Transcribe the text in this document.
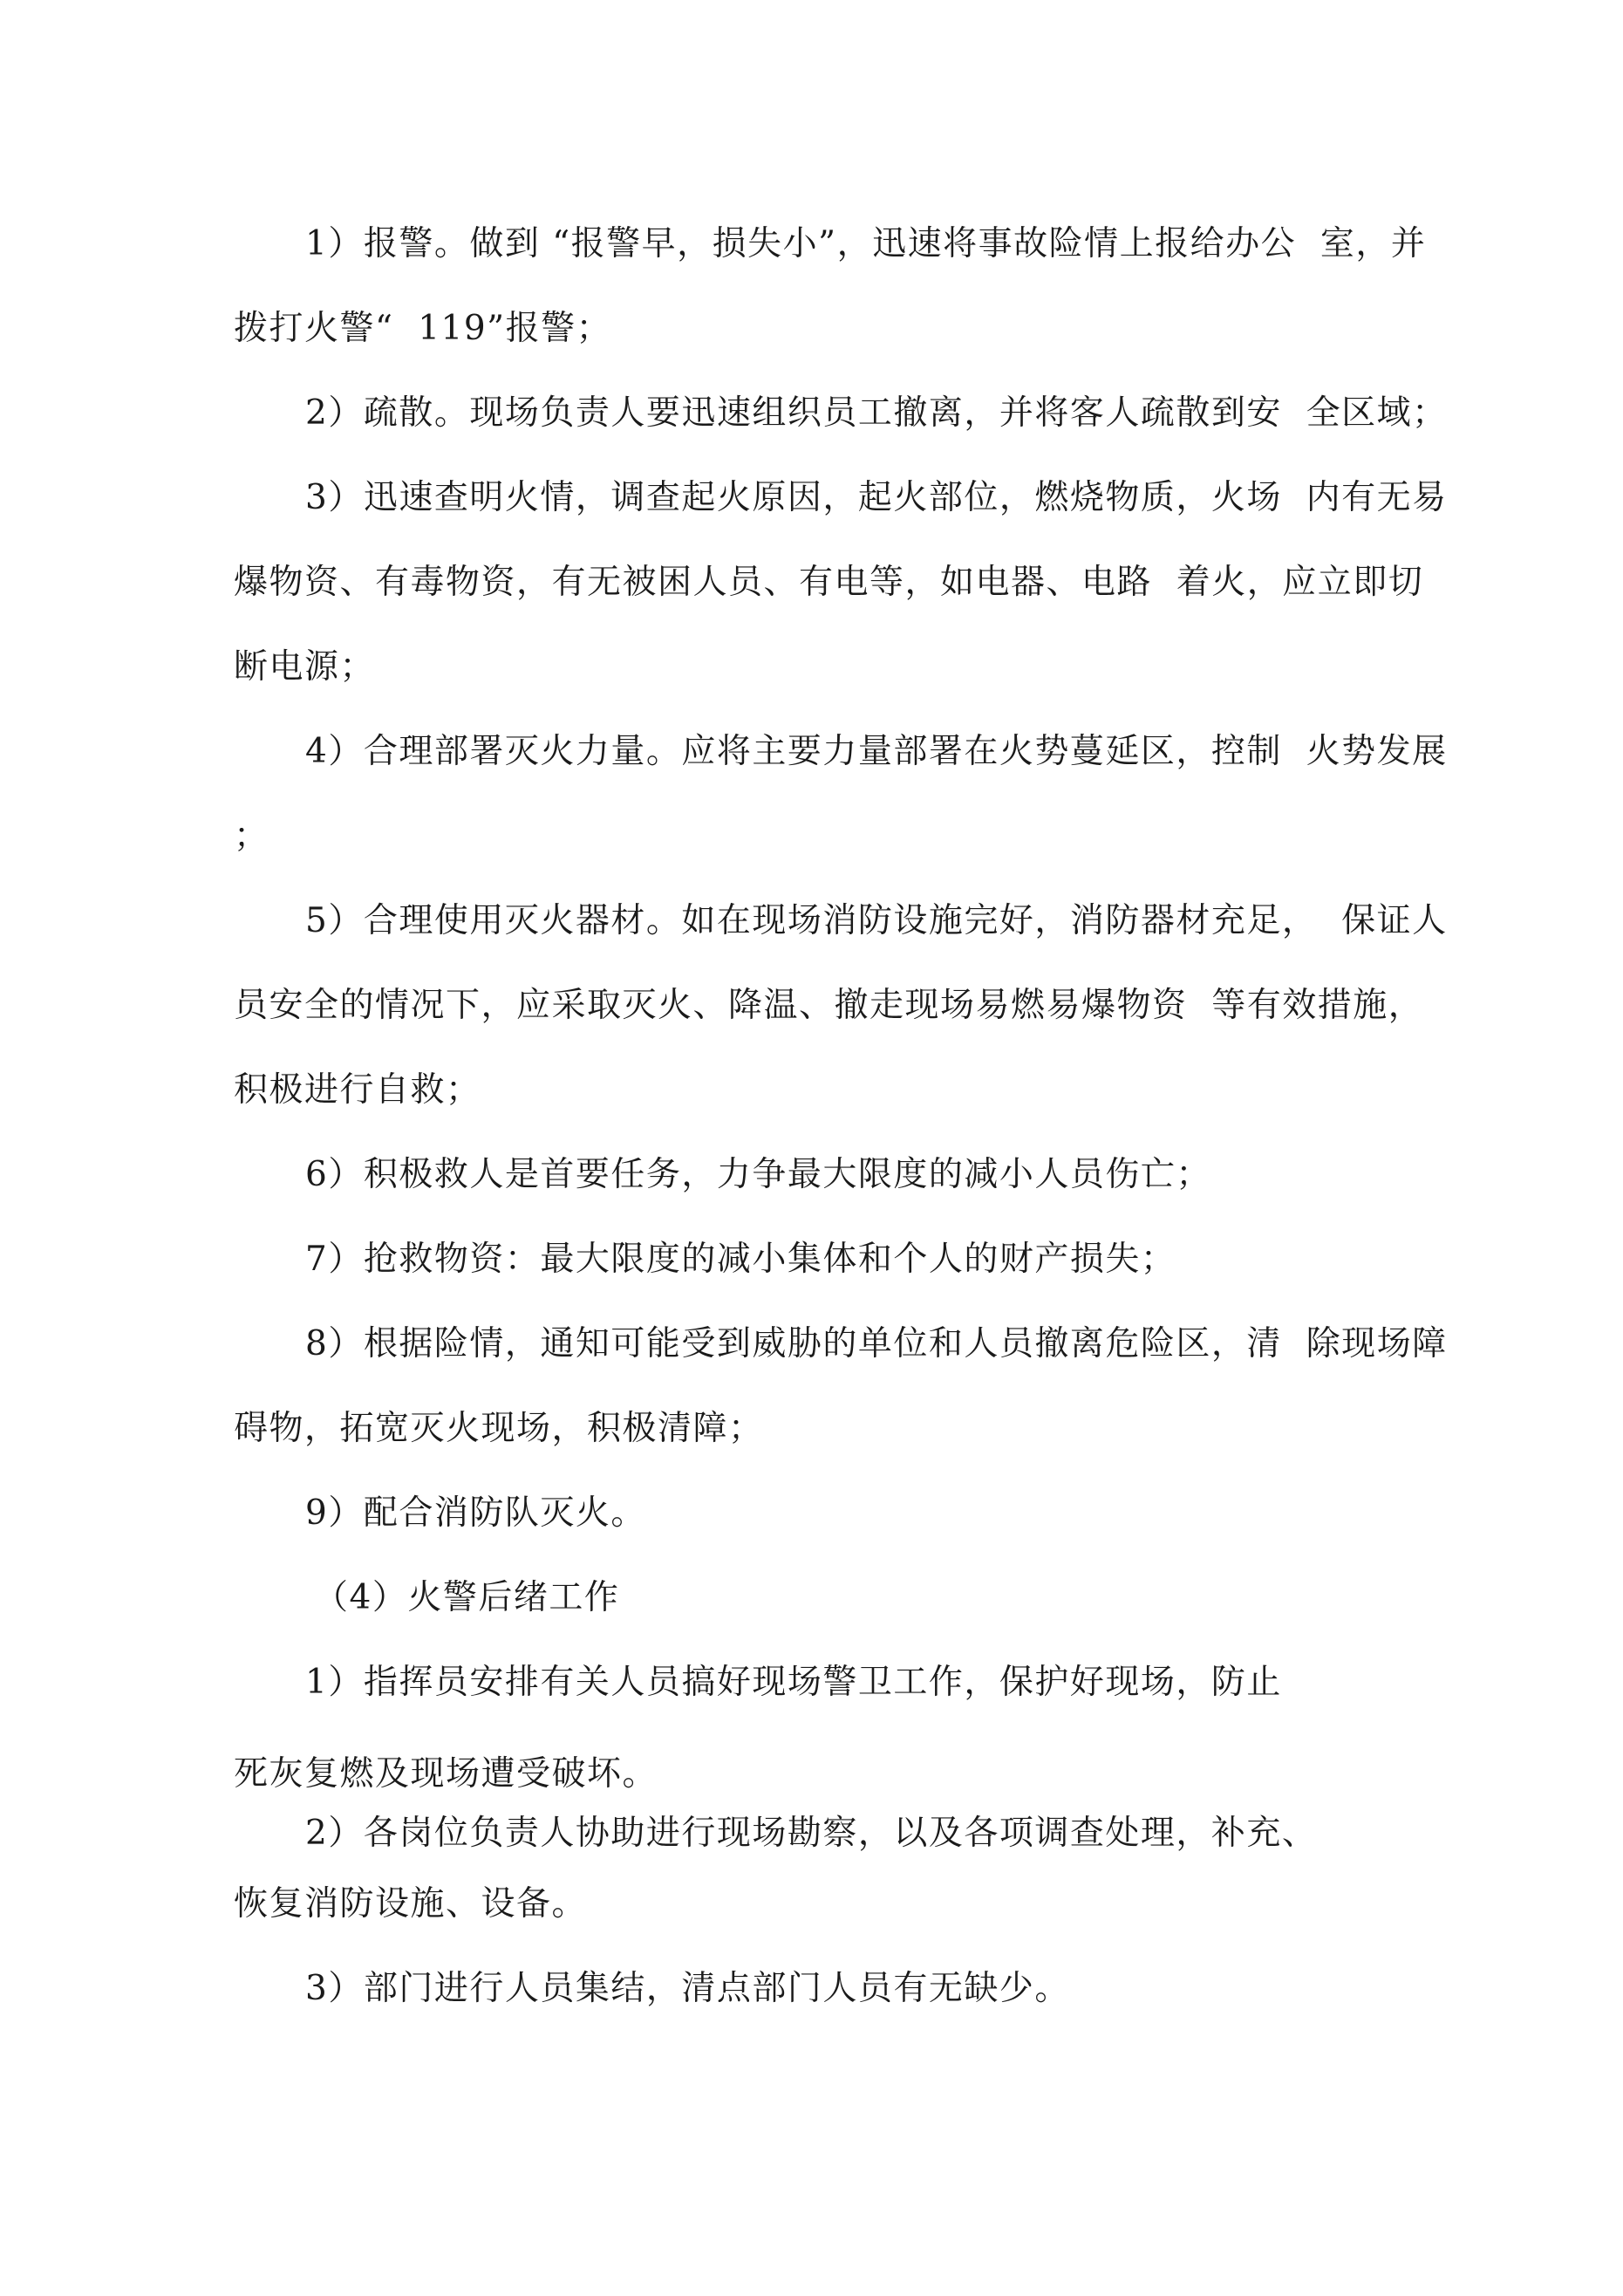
1）报警。做到 “报警早，损失小”，迅速将事故险情上报给办公  室，并
拨打火警“  119”报警；
2）疏散。现场负责人要迅速组织员工撤离，并将客人疏散到安  全区域；
3）迅速查明火情，调查起火原因，起火部位，燃烧物质，火场  内有无易
爆物资、有毒物资，有无被困人员、有电等，如电器、电路  着火，应立即切
断电源；
4）合理部署灭火力量。应将主要力量部署在火势蔓延区，控制  火势发展
；
5）合理使用灭火器材。如在现场消防设施完好，消防器材充足，  保证人
员安全的情况下，应采取灭火、降温、撤走现场易燃易爆物资  等有效措施，
积极进行自救；
6）积极救人是首要任务，力争最大限度的减小人员伤亡；
7）抢救物资：最大限度的减小集体和个人的财产损失；
8）根据险情，通知可能受到威胁的单位和人员撤离危险区，清  除现场障
碍物，拓宽灭火现场，积极清障；
9）配合消防队灭火。
（4）火警后绪工作
1）指挥员安排有关人员搞好现场警卫工作，保护好现场，防止
死灰复燃及现场遭受破坏。
2）各岗位负责人协助进行现场勘察，以及各项调查处理，补充、
恢复消防设施、设备。
3）部门进行人员集结，清点部门人员有无缺少。
